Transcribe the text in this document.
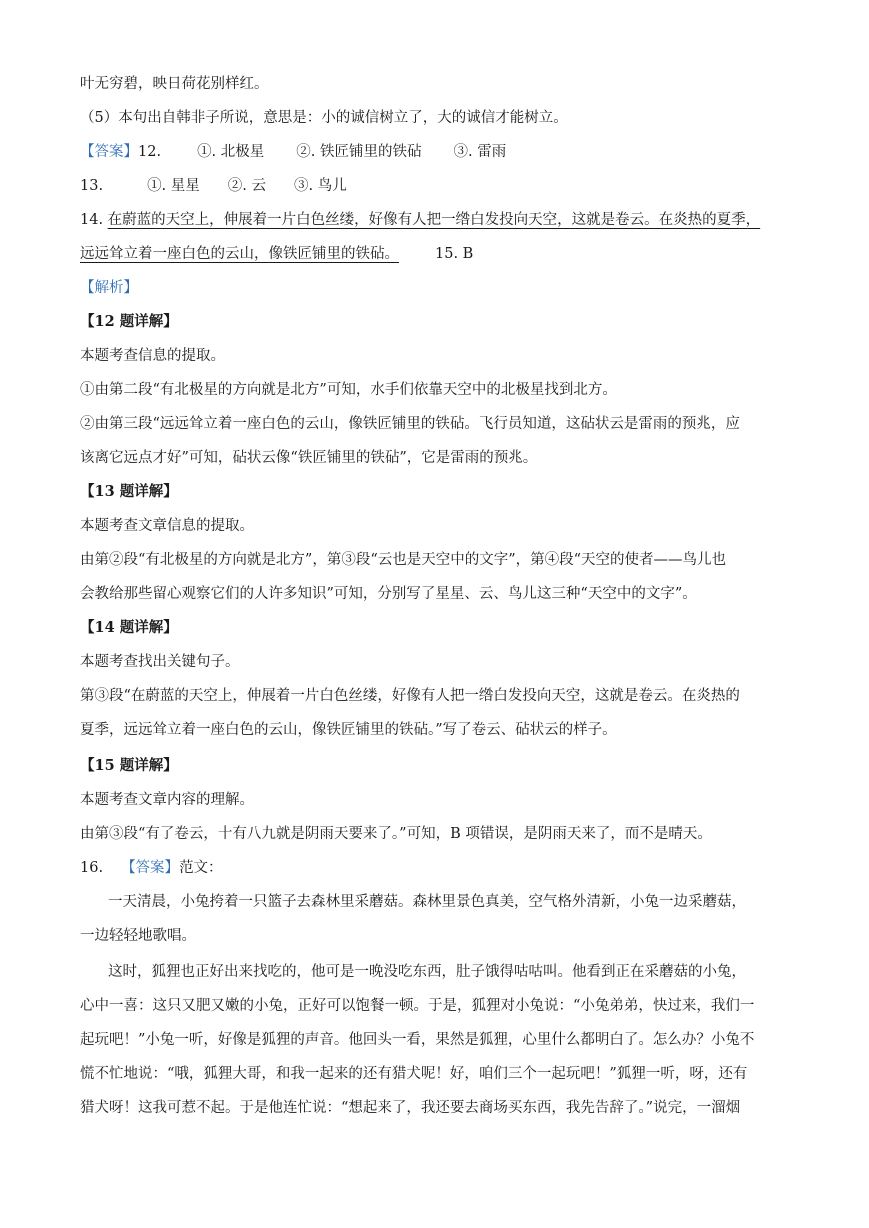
叶无穷碧，映日荷花别样红。
（5）本句出自韩非子所说，意思是：小的诚信树立了，大的诚信才能树立。
【答案】12. ①. 北极星 ②. 铁匠铺里的铁砧 ③. 雷雨
13.	①. 星星 ②. 云 ③. 鸟儿
14. 在蔚蓝的天空上，伸展着一片白色丝缕，好像有人把一绺白发投向天空，这就是卷云。在炎热的夏季，
远远耸立着一座白色的云山，像铁匠铺里的铁砧。 15. B
【解析】
【12 题详解】
本题考查信息的提取。
①由第二段“有北极星的方向就是北方”可知，水手们依靠天空中的北极星找到北方。
②由第三段“远远耸立着一座白色的云山，像铁匠铺里的铁砧。飞行员知道，这砧状云是雷雨的预兆，应
该离它远点才好”可知，砧状云像“铁匠铺里的铁砧”，它是雷雨的预兆。
【13 题详解】
本题考查文章信息的提取。
由第②段“有北极星的方向就是北方”，第③段“云也是天空中的文字”，第④段“天空的使者——鸟儿也
会教给那些留心观察它们的人许多知识”可知，分别写了星星、云、鸟儿这三种“天空中的文字”。
【14 题详解】
本题考查找出关键句子。
第③段“在蔚蓝的天空上，伸展着一片白色丝缕，好像有人把一绺白发投向天空，这就是卷云。在炎热的
夏季，远远耸立着一座白色的云山，像铁匠铺里的铁砧。”写了卷云、砧状云的样子。
【15 题详解】
本题考查文章内容的理解。
由第③段“有了卷云，十有八九就是阴雨天要来了。”可知，B 项错误，是阴雨天来了，而不是晴天。
16. 【答案】范文：
一天清晨，小兔挎着一只篮子去森林里采蘑菇。森林里景色真美，空气格外清新，小兔一边采蘑菇，
一边轻轻地歌唱。
这时，狐狸也正好出来找吃的，他可是一晚没吃东西，肚子饿得咕咕叫。他看到正在采蘑菇的小兔，
心中一喜：这只又肥又嫩的小兔，正好可以饱餐一顿。于是，狐狸对小兔说：“小兔弟弟，快过来，我们一
起玩吧！”小兔一听，好像是狐狸的声音。他回头一看，果然是狐狸，心里什么都明白了。怎么办？小兔不
慌不忙地说：“哦，狐狸大哥，和我一起来的还有猎犬呢！好，咱们三个一起玩吧！”狐狸一听，呀，还有
猎犬呀！这我可惹不起。于是他连忙说：“想起来了，我还要去商场买东西，我先告辞了。”说完，一溜烟
